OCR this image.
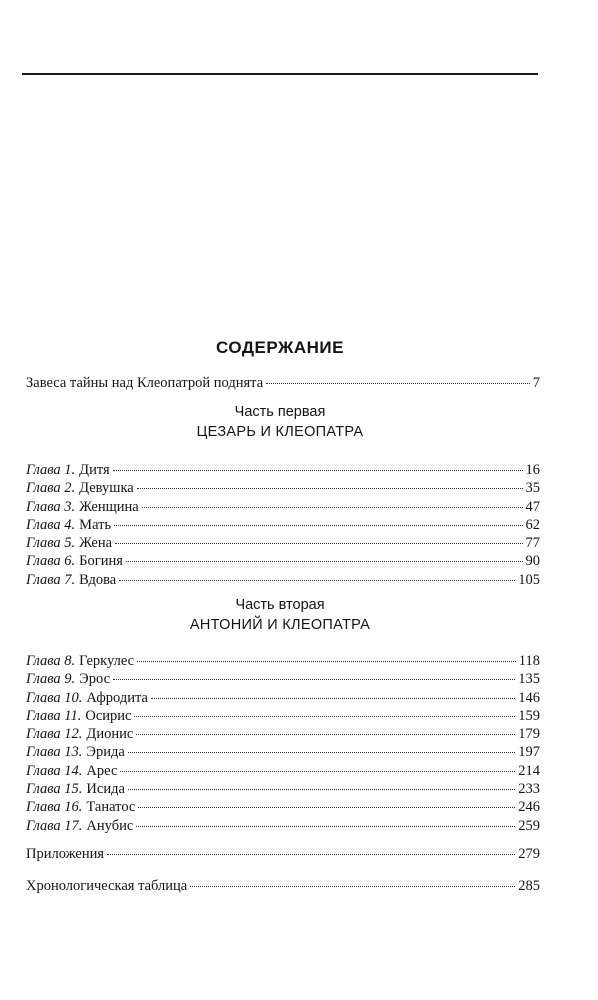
СОДЕРЖАНИЕ
Завеса тайны над Клеопатрой поднята	7
Часть первая
ЦЕЗАРЬ И КЛЕОПАТРА
Глава 1. Дитя	16
Глава 2. Девушка	35
Глава 3. Женщина	47
Глава 4. Мать	62
Глава 5. Жена	77
Глава 6. Богиня	90
Глава 7. Вдова	105
Часть вторая
АНТОНИЙ И КЛЕОПАТРА
Глава 8. Геркулес	118
Глава 9. Эрос	135
Глава 10. Афродита	146
Глава 11. Осирис	159
Глава 12. Дионис	179
Глава 13. Эрида	197
Глава 14. Арес	214
Глава 15. Исида	233
Глава 16. Танатос	246
Глава 17. Анубис	259
Приложения	279
Хронологическая таблица	285
